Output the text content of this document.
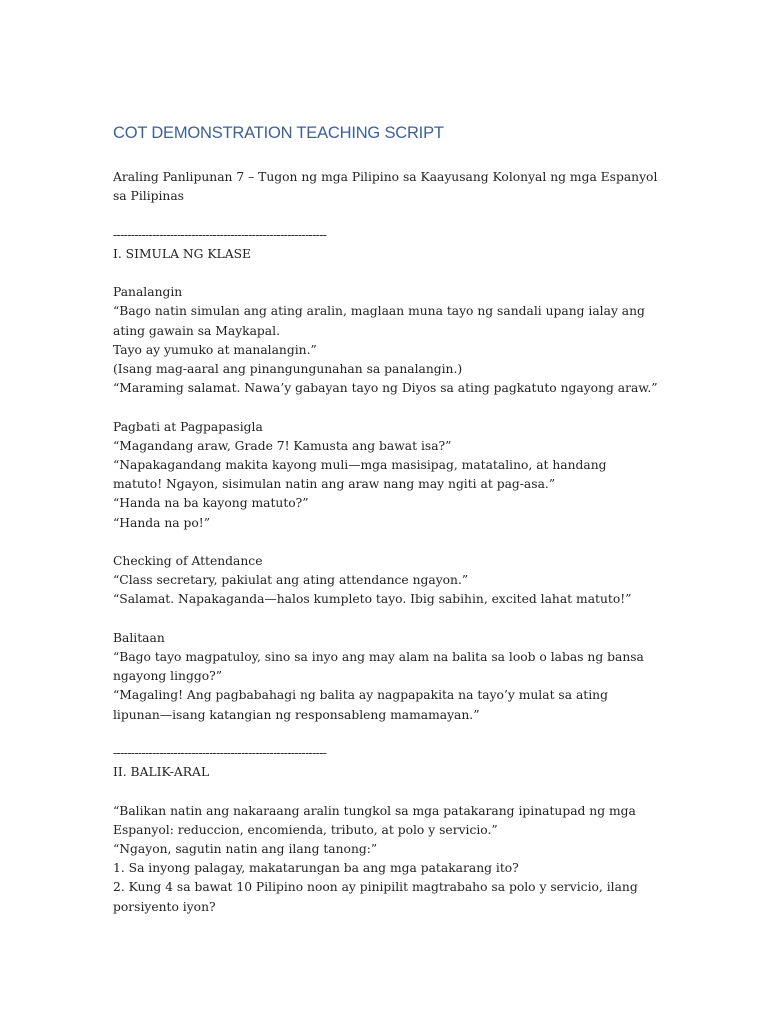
COT DEMONSTRATION TEACHING SCRIPT

Araling Panlipunan 7 – Tugon ng mga Pilipino sa Kaayusang Kolonyal ng mga Espanyol sa Pilipinas

------------------------------------------------------------

I. SIMULA NG KLASE

Panalangin

“Bago natin simulan ang ating aralin, maglaan muna tayo ng sandali upang ialay ang ating gawain sa Maykapal.

Tayo ay yumuko at manalangin.”

(Isang mag-aaral ang pinangungunahan sa panalangin.)

“Maraming salamat. Nawa’y gabayan tayo ng Diyos sa ating pagkatuto ngayong araw.”

Pagbati at Pagpapasigla

“Magandang araw, Grade 7! Kamusta ang bawat isa?”

“Napakagandang makita kayong muli—mga masisipag, matatalino, at handang matuto! Ngayon, sisimulan natin ang araw nang may ngiti at pag-asa.”

“Handa na ba kayong matuto?”

“Handa na po!”

Checking of Attendance

“Class secretary, pakiulat ang ating attendance ngayon.”

“Salamat. Napakaganda—halos kumpleto tayo. Ibig sabihin, excited lahat matuto!”

Balitaan

“Bago tayo magpatuloy, sino sa inyo ang may alam na balita sa loob o labas ng bansa ngayong linggo?”

“Magaling! Ang pagbabahagi ng balita ay nagpapakita na tayo’y mulat sa ating lipunan—isang katangian ng responsableng mamamayan.”

------------------------------------------------------------

II. BALIK-ARAL

“Balikan natin ang nakaraang aralin tungkol sa mga patakarang ipinatupad ng mga Espanyol: reduccion, encomienda, tributo, at polo y servicio.”

“Ngayon, sagutin natin ang ilang tanong:”

1. Sa inyong palagay, makatarungan ba ang mga patakarang ito?

2. Kung 4 sa bawat 10 Pilipino noon ay pinipilit magtrabaho sa polo y servicio, ilang porsiyento iyon?
